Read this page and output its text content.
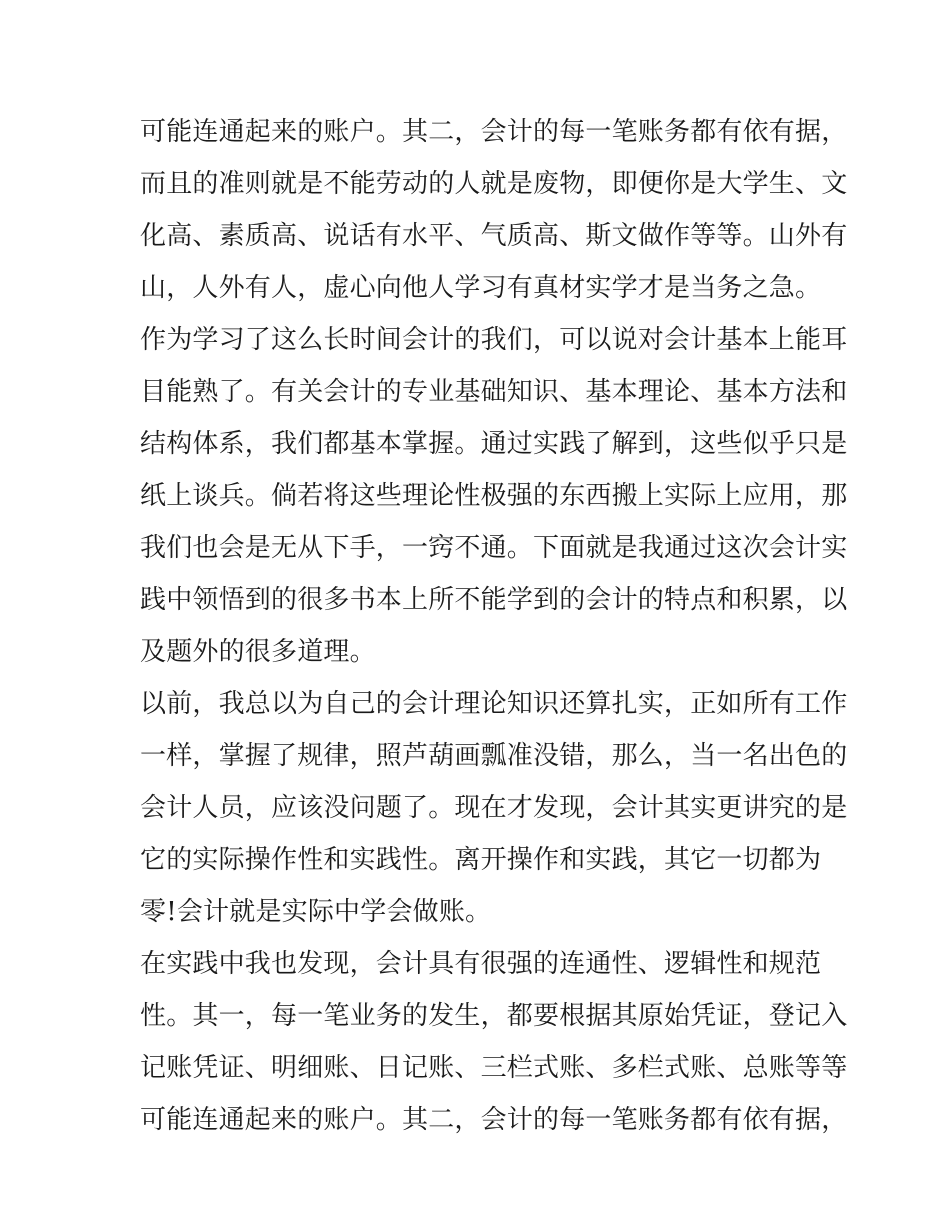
可能连通起来的账户。其二，会计的每一笔账务都有依有据，
而且的准则就是不能劳动的人就是废物，即便你是大学生、文
化高、素质高、说话有水平、气质高、斯文做作等等。山外有
山，人外有人，虚心向他人学习有真材实学才是当务之急。
作为学习了这么长时间会计的我们，可以说对会计基本上能耳
目能熟了。有关会计的专业基础知识、基本理论、基本方法和
结构体系，我们都基本掌握。通过实践了解到，这些似乎只是
纸上谈兵。倘若将这些理论性极强的东西搬上实际上应用，那
我们也会是无从下手，一窍不通。下面就是我通过这次会计实
践中领悟到的很多书本上所不能学到的会计的特点和积累，以
及题外的很多道理。
以前，我总以为自己的会计理论知识还算扎实，正如所有工作
一样，掌握了规律，照芦葫画瓢准没错，那么，当一名出色的
会计人员，应该没问题了。现在才发现，会计其实更讲究的是
它的实际操作性和实践性。离开操作和实践，其它一切都为
零!会计就是实际中学会做账。
在实践中我也发现，会计具有很强的连通性、逻辑性和规范
性。其一，每一笔业务的发生，都要根据其原始凭证，登记入
记账凭证、明细账、日记账、三栏式账、多栏式账、总账等等
可能连通起来的账户。其二，会计的每一笔账务都有依有据，
